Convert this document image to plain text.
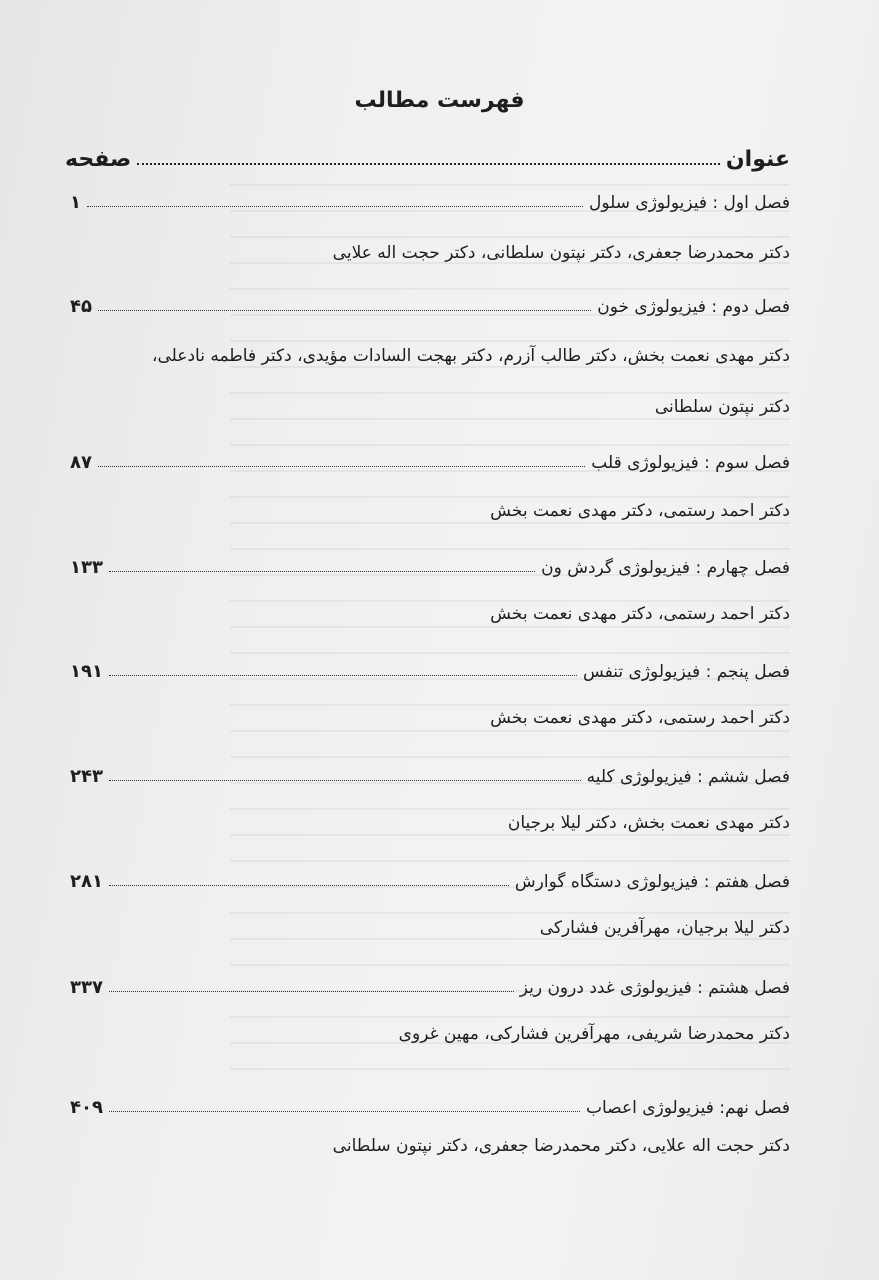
فهرست مطالب
عنوان
صفحه
فصل اول : فیزیولوژی سلول
۱
دکتر محمدرضا جعفری، دکتر نپتون سلطانی، دکتر حجت اله علایی
فصل دوم : فیزیولوژی خون
۴۵
دکتر مهدی نعمت بخش، دکتر طالب آزرم، دکتر بهجت السادات مؤیدی، دکتر فاطمه نادعلی،
دکتر نپتون سلطانی
فصل سوم : فیزیولوژی قلب
۸۷
دکتر احمد رستمی، دکتر مهدی نعمت بخش
فصل چهارم : فیزیولوژی گردش ون
۱۳۳
دکتر احمد رستمی، دکتر مهدی نعمت بخش
فصل پنجم : فیزیولوژی تنفس
۱۹۱
دکتر احمد رستمی، دکتر مهدی نعمت بخش
فصل ششم : فیزیولوژی کلیه
۲۴۳
دکتر مهدی نعمت بخش، دکتر لیلا برجیان
فصل هفتم : فیزیولوژی دستگاه گوارش
۲۸۱
دکتر لیلا برجیان، مهرآفرین فشارکی
فصل هشتم : فیزیولوژی غدد درون ریز
۳۳۷
دکتر محمدرضا شریفی، مهرآفرین فشارکی، مهین غروی
فصل نهم: فیزیولوژی اعصاب
۴۰۹
دکتر حجت اله علایی، دکتر محمدرضا جعفری، دکتر نپتون سلطانی
